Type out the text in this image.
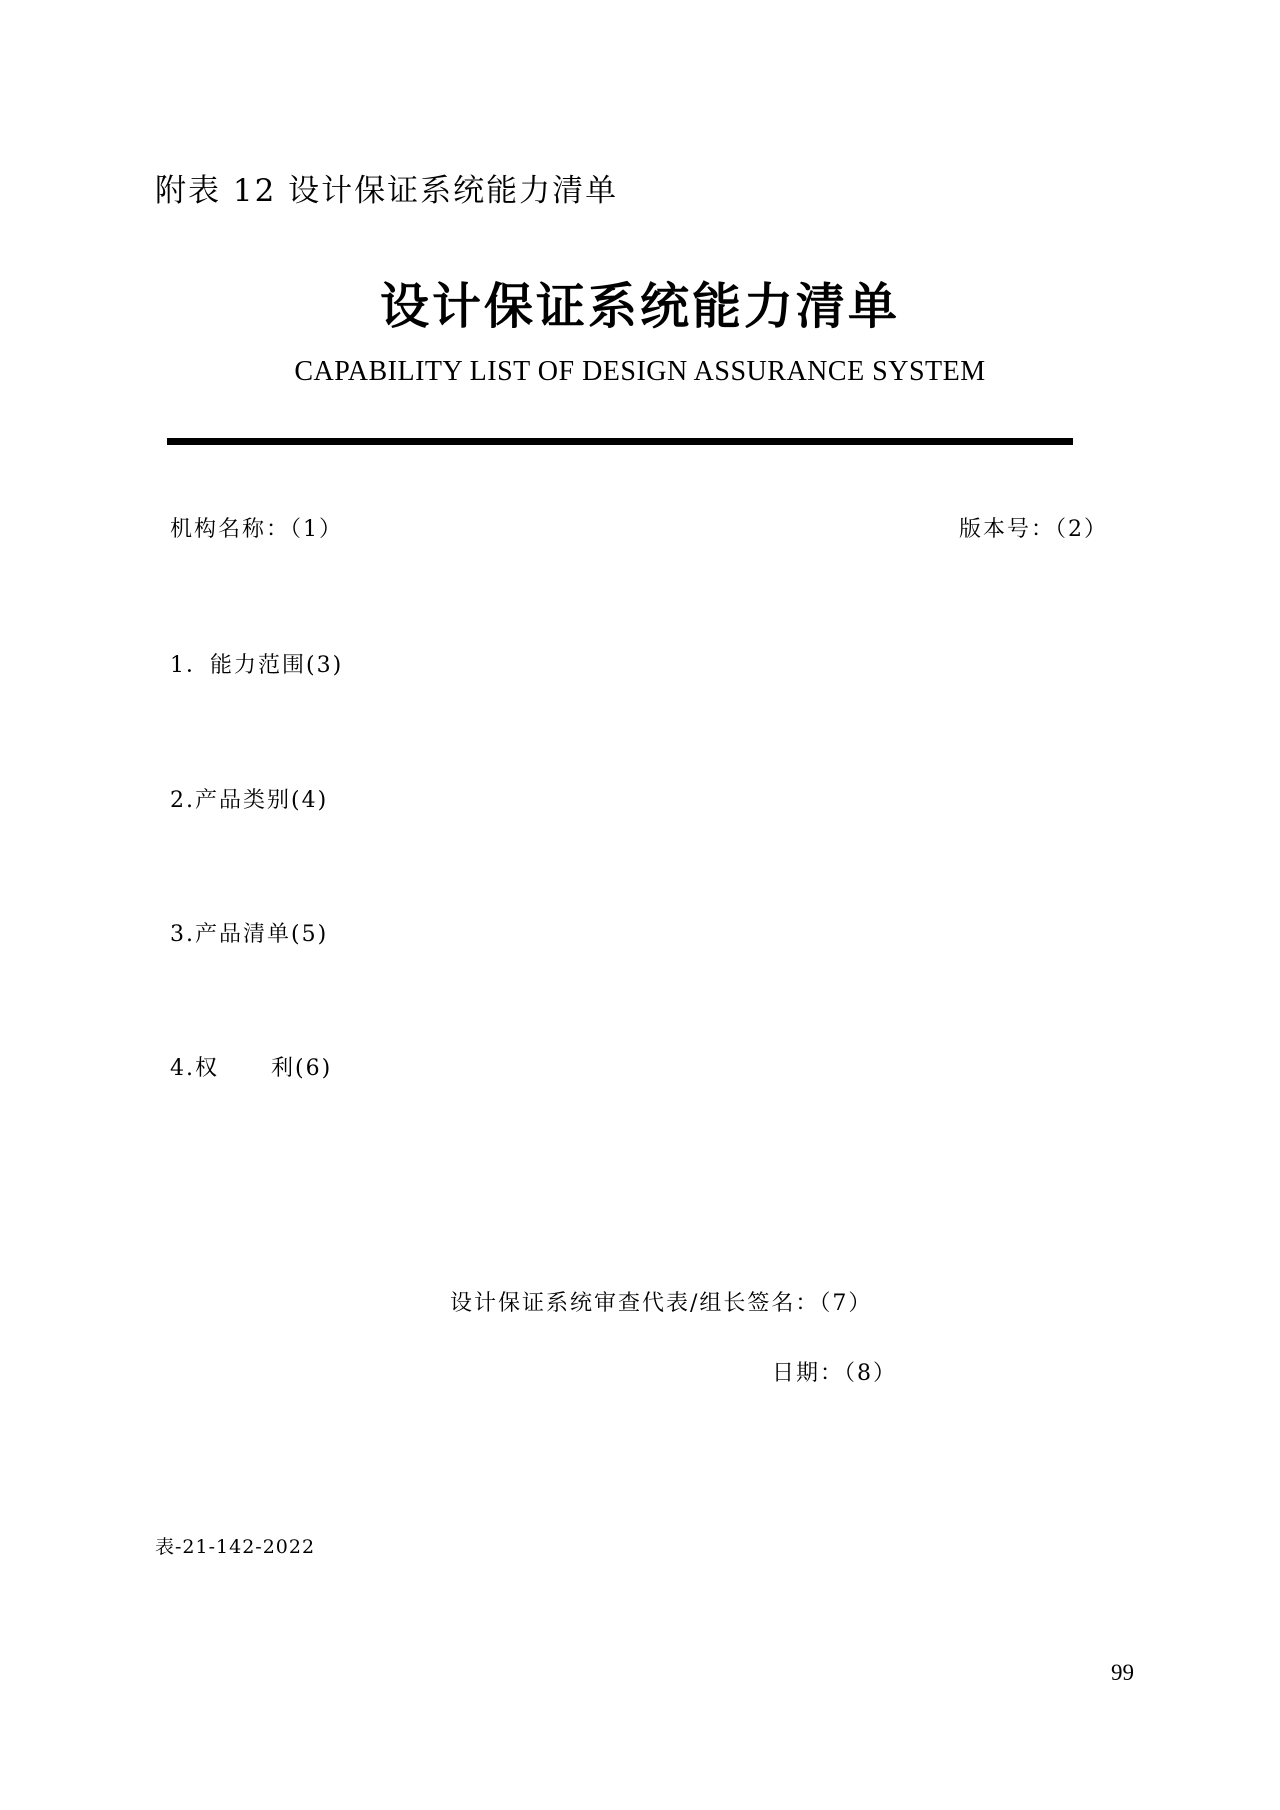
附表 12 设计保证系统能力清单
设计保证系统能力清单
CAPABILITY LIST OF DESIGN ASSURANCE SYSTEM
机构名称：（1）	版本号：（2）
1．能力范围(3)
2.产品类别(4)
3.产品清单(5)
4.权 利(6)
设计保证系统审查代表/组长签名：（7）
日期：（8）
表-21-142-2022
99
